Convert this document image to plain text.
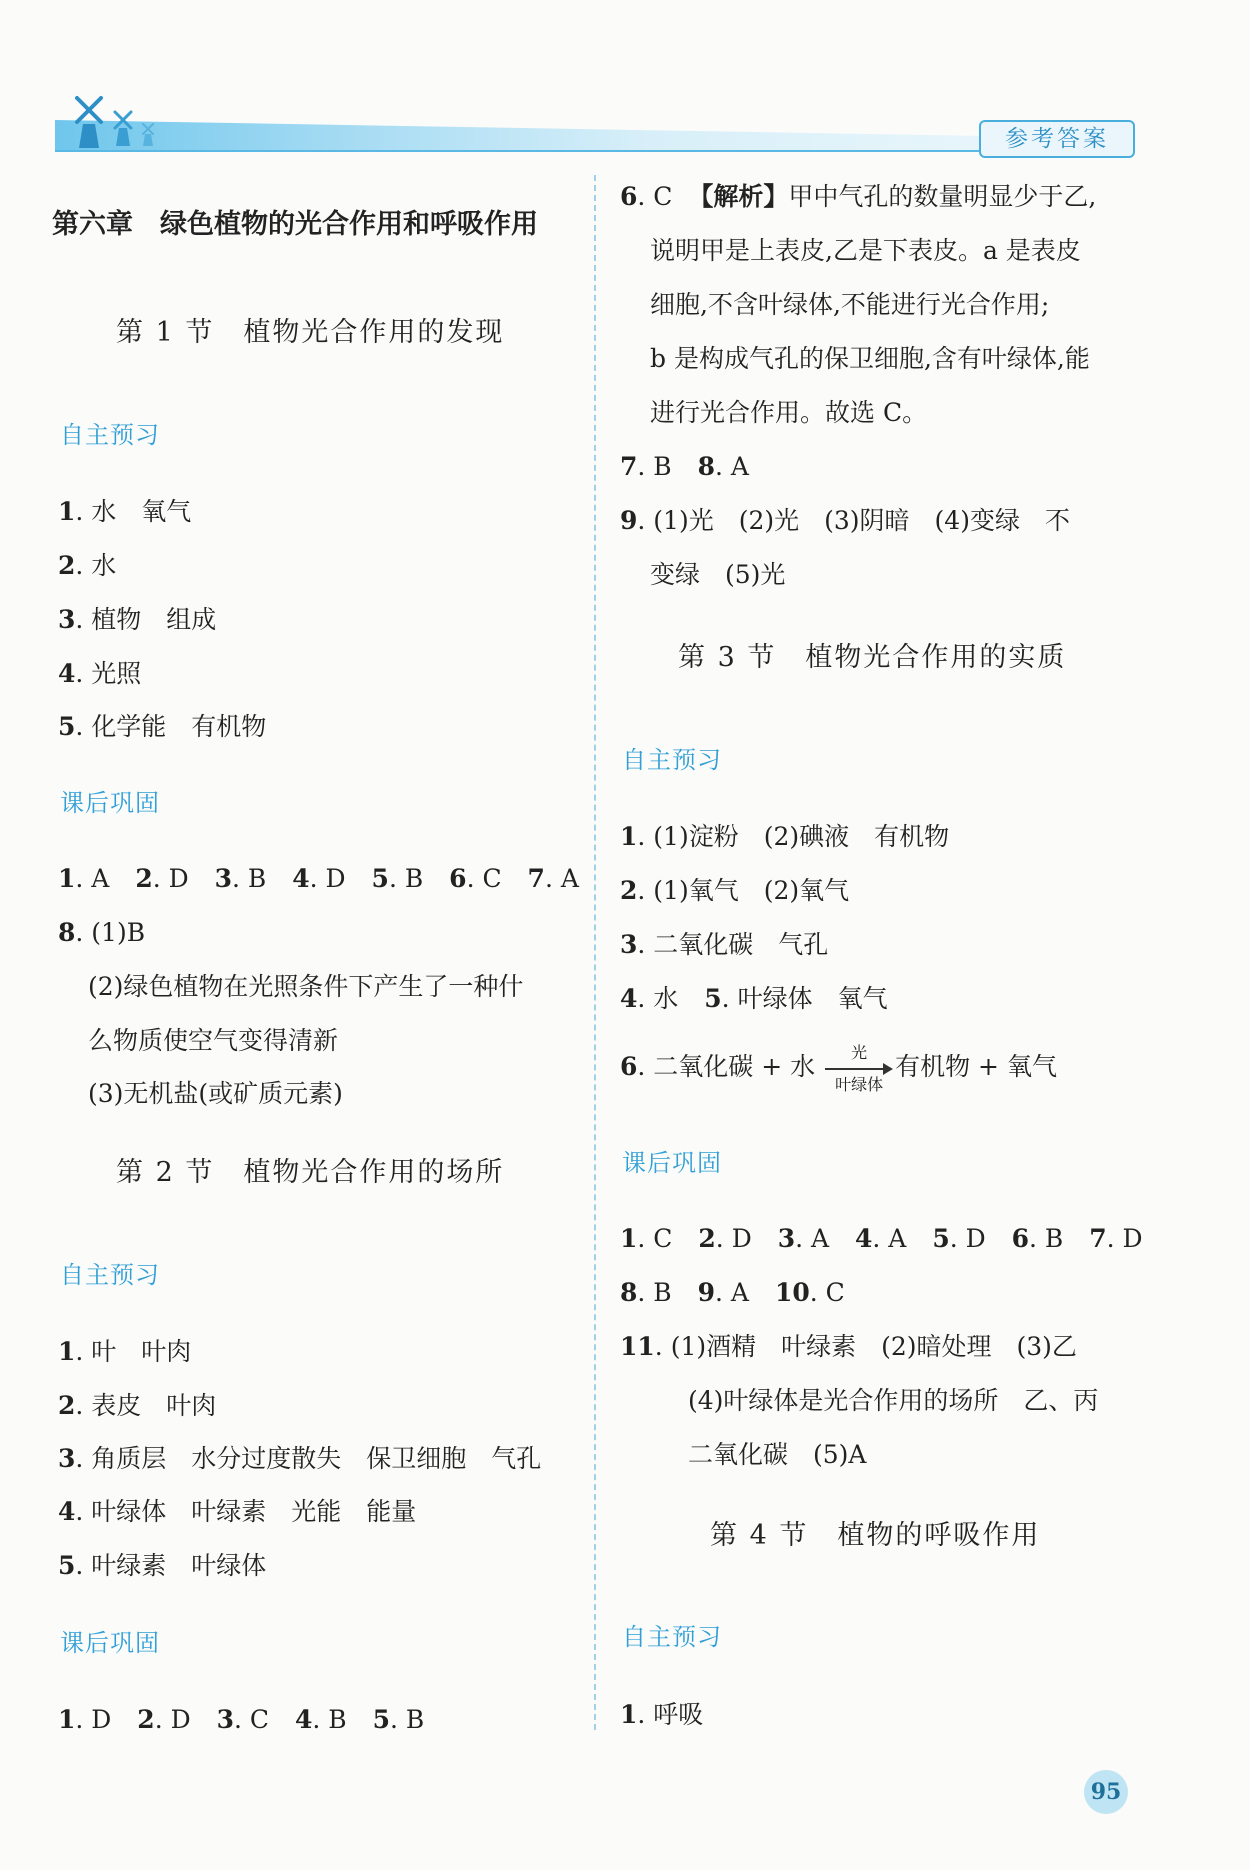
参考答案
第六章　绿色植物的光合作用和呼吸作用
第 1 节　植物光合作用的发现
自主预习
1. 水　氧气
2. 水
3. 植物　组成
4. 光照
5. 化学能　有机物
课后巩固
1. A 2. D 3. B 4. D 5. B 6. C 7. A
8. (1)B
(2)绿色植物在光照条件下产生了一种什
么物质使空气变得清新
(3)无机盐(或矿质元素)
第 2 节　植物光合作用的场所
自主预习
1. 叶　叶肉
2. 表皮　叶肉
3. 角质层　水分过度散失　保卫细胞　气孔
4. 叶绿体　叶绿素　光能　能量
5. 叶绿素　叶绿体
课后巩固
1. D 2. D 3. C 4. B 5. B
6. C 【解析】甲中气孔的数量明显少于乙,
说明甲是上表皮,乙是下表皮。a 是表皮
细胞,不含叶绿体,不能进行光合作用;
b 是构成气孔的保卫细胞,含有叶绿体,能
进行光合作用。故选 C。
7. B 8. A
9. (1)光　(2)光　(3)阴暗　(4)变绿　不
变绿　(5)光
第 3 节　植物光合作用的实质
自主预习
1. (1)淀粉　(2)碘液　有机物
2. (1)氧气　(2)氧气
3. 二氧化碳　气孔
4. 水 5. 叶绿体　氧气
6. 二氧化碳 + 水	光
叶绿体
有机物 + 氧气
课后巩固
1. C 2. D 3. A 4. A 5. D 6. B 7. D
8. B 9. A 10. C
11. (1)酒精　叶绿素　(2)暗处理　(3)乙
(4)叶绿体是光合作用的场所　乙、丙
二氧化碳　(5)A
第 4 节　植物的呼吸作用
自主预习
1. 呼吸
95
